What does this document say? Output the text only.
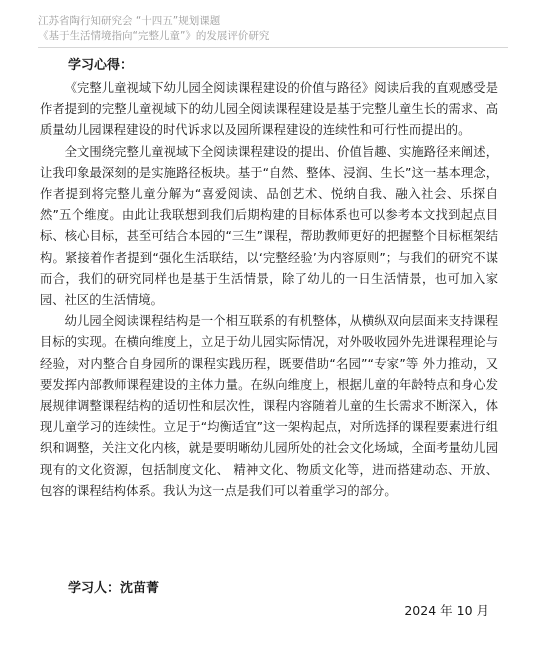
江苏省陶行知研究会 “十四五”规划课题
《基于生活情境指向“完整儿童”》的发展评价研究
学习心得：

《完整儿童视域下幼儿园全阅读课程建设的价值与路径》阅读后我的直观感受是作者提到的完整儿童视域下的幼儿园全阅读课程建设是基于完整儿童生长的需求、高质量幼儿园课程建设的时代诉求以及园所课程建设的连续性和可行性而提出的。

全文围绕完整儿童视域下全阅读课程建设的提出、价值旨趣、实施路径来阐述，让我印象最深刻的是实施路径板块。基于“自然、整体、浸润、生长”这一基本理念，作者提到将完整儿童分解为“喜爱阅读、品创艺术、悦纳自我、融入社会、乐探自然”五个维度。由此让我联想到我们后期构建的目标体系也可以参考本文找到起点目标、核心目标，甚至可结合本园的“三生”课程，帮助教师更好的把握整个目标框架结构。紧接着作者提到“强化生活联结，以‘完整经验’为内容原则”；与我们的研究不谋而合，我们的研究同样也是基于生活情景，除了幼儿的一日生活情景，也可加入家园、社区的生活情境。

幼儿园全阅读课程结构是一个相互联系的有机整体，从横纵双向层面来支持课程目标的实现。在横向维度上，立足于幼儿园实际情况，对外吸收园外先进课程理论与经验，对内整合自身园所的课程实践历程，既要借助“名园”“专家”等 外力推动，又要发挥内部教师课程建设的主体力量。在纵向维度上，根据儿童的年龄特点和身心发展规律调整课程结构的适切性和层次性，课程内容随着儿童的生长需求不断深入，体现儿童学习的连续性。立足于“均衡适宜”这一架构起点，对所选择的课程要素进行组织和调整，关注文化内核，就是要明晰幼儿园所处的社会文化场域，全面考量幼儿园现有的文化资源，包括制度文化、 精神文化、物质文化等，进而搭建动态、开放、包容的课程结构体系。我认为这一点是我们可以着重学习的部分。

学习人：沈苗菁
2024 年 10 月
